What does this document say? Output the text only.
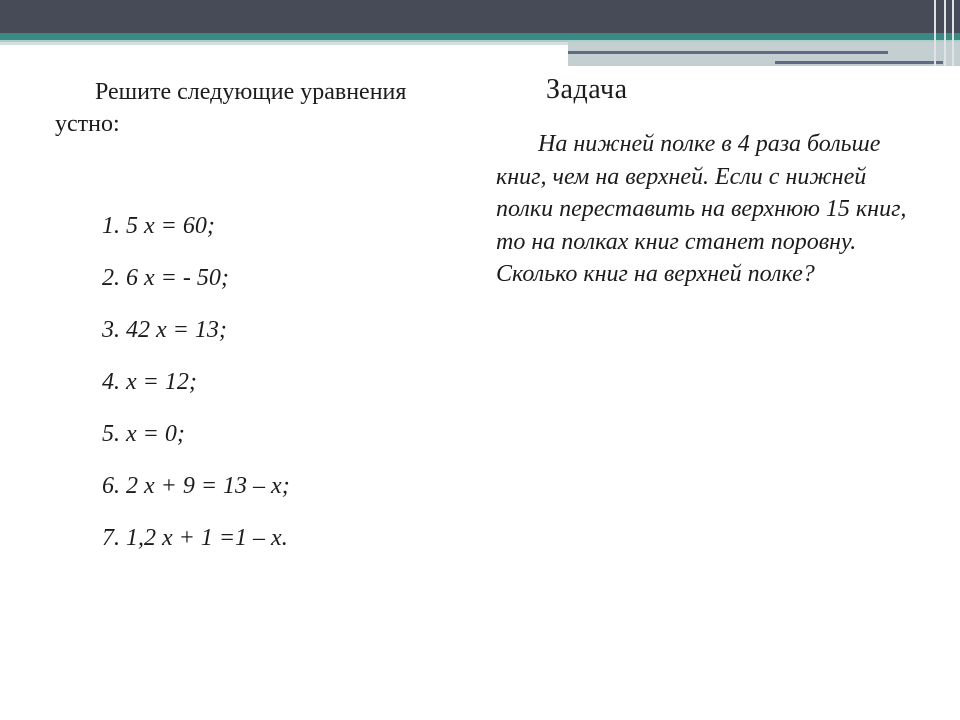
Решите следующие уравнения
устно:
1. 5 х = 60;
2. 6 х = - 50;
3. 42 х = 13;
4. х = 12;
5. х = 0;
6. 2 х + 9 = 13 – х;
7. 1,2 х + 1 =1 – х.
Задача

На нижней полке в 4 раза больше книг, чем на верхней. Если с нижней полки переставить на верхнюю 15 книг, то на полках книг станет поровну. Сколько книг на верхней полке?
